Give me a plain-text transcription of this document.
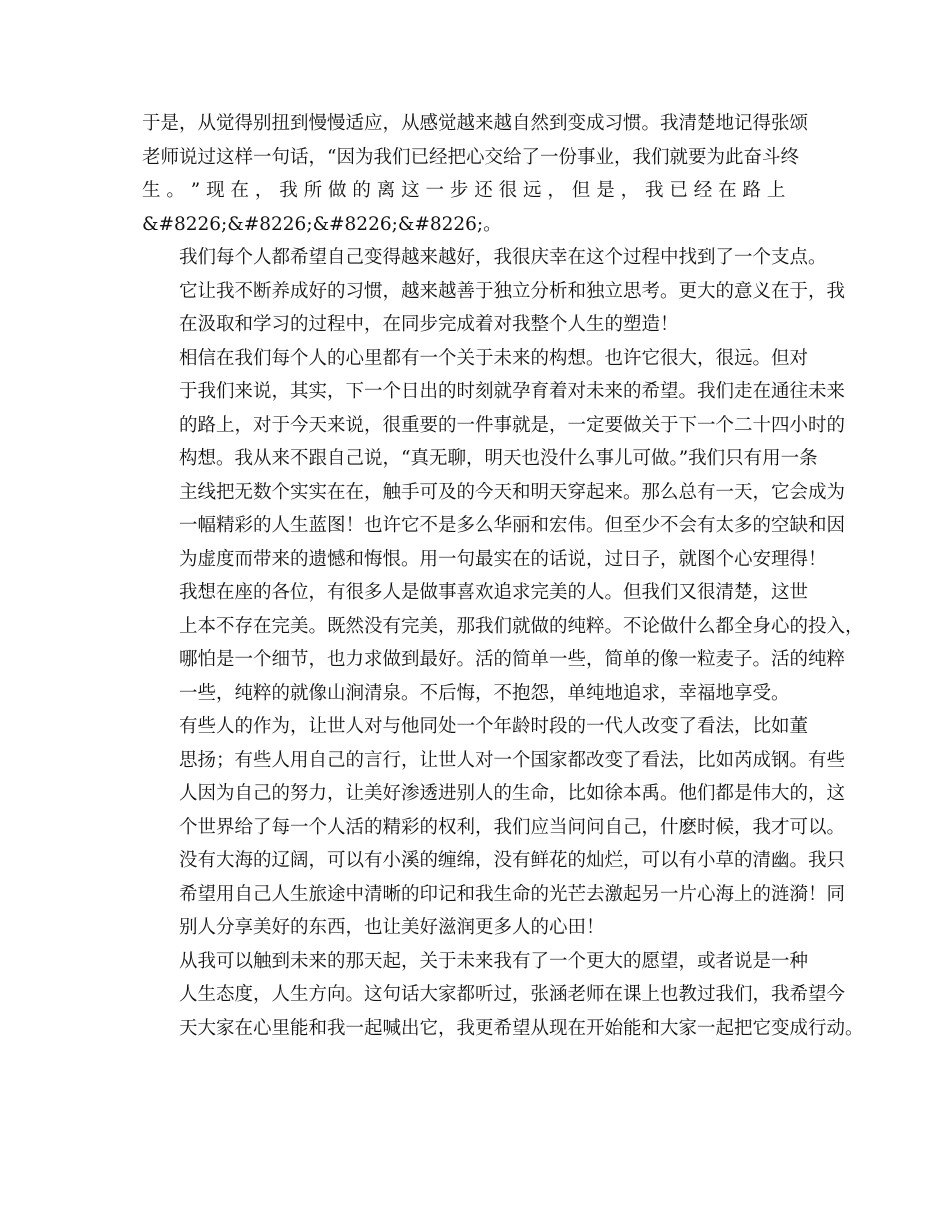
于是，从觉得别扭到慢慢适应，从感觉越来越自然到变成习惯。我清楚地记得张颂
老师说过这样一句话，“因为我们已经把心交给了一份事业，我们就要为此奋斗终
生 。 ” 现 在 ， 我 所 做 的 离 这 一 步 还 很 远 ， 但 是 ， 我 已 经 在 路 上
&#8226;&#8226;&#8226;&#8226;。

我们每个人都希望自己变得越来越好，我很庆幸在这个过程中找到了一个支点。
它让我不断养成好的习惯，越来越善于独立分析和独立思考。更大的意义在于，我
在汲取和学习的过程中，在同步完成着对我整个人生的塑造！

相信在我们每个人的心里都有一个关于未来的构想。也许它很大，很远。但对
于我们来说，其实，下一个日出的时刻就孕育着对未来的希望。我们走在通往未来
的路上，对于今天来说，很重要的一件事就是，一定要做关于下一个二十四小时的
构想。我从来不跟自己说，“真无聊，明天也没什么事儿可做。”我们只有用一条
主线把无数个实实在在，触手可及的今天和明天穿起来。那么总有一天，它会成为
一幅精彩的人生蓝图！也许它不是多么华丽和宏伟。但至少不会有太多的空缺和因
为虚度而带来的遗憾和悔恨。用一句最实在的话说，过日子，就图个心安理得！

我想在座的各位，有很多人是做事喜欢追求完美的人。但我们又很清楚，这世
上本不存在完美。既然没有完美，那我们就做的纯粹。不论做什么都全身心的投入，
哪怕是一个细节，也力求做到最好。活的简单一些，简单的像一粒麦子。活的纯粹
一些，纯粹的就像山涧清泉。不后悔，不抱怨，单纯地追求，幸福地享受。

有些人的作为，让世人对与他同处一个年龄时段的一代人改变了看法，比如董
思扬；有些人用自己的言行，让世人对一个国家都改变了看法，比如芮成钢。有些
人因为自己的努力，让美好渗透进别人的生命，比如徐本禹。他们都是伟大的，这
个世界给了每一个人活的精彩的权利，我们应当问问自己，什麽时候，我才可以。
没有大海的辽阔，可以有小溪的缠绵，没有鲜花的灿烂，可以有小草的清幽。我只
希望用自己人生旅途中清晰的印记和我生命的光芒去激起另一片心海上的涟漪！同
别人分享美好的东西，也让美好滋润更多人的心田！

从我可以触到未来的那天起，关于未来我有了一个更大的愿望，或者说是一种
人生态度，人生方向。这句话大家都听过，张涵老师在课上也教过我们，我希望今
天大家在心里能和我一起喊出它，我更希望从现在开始能和大家一起把它变成行动。
